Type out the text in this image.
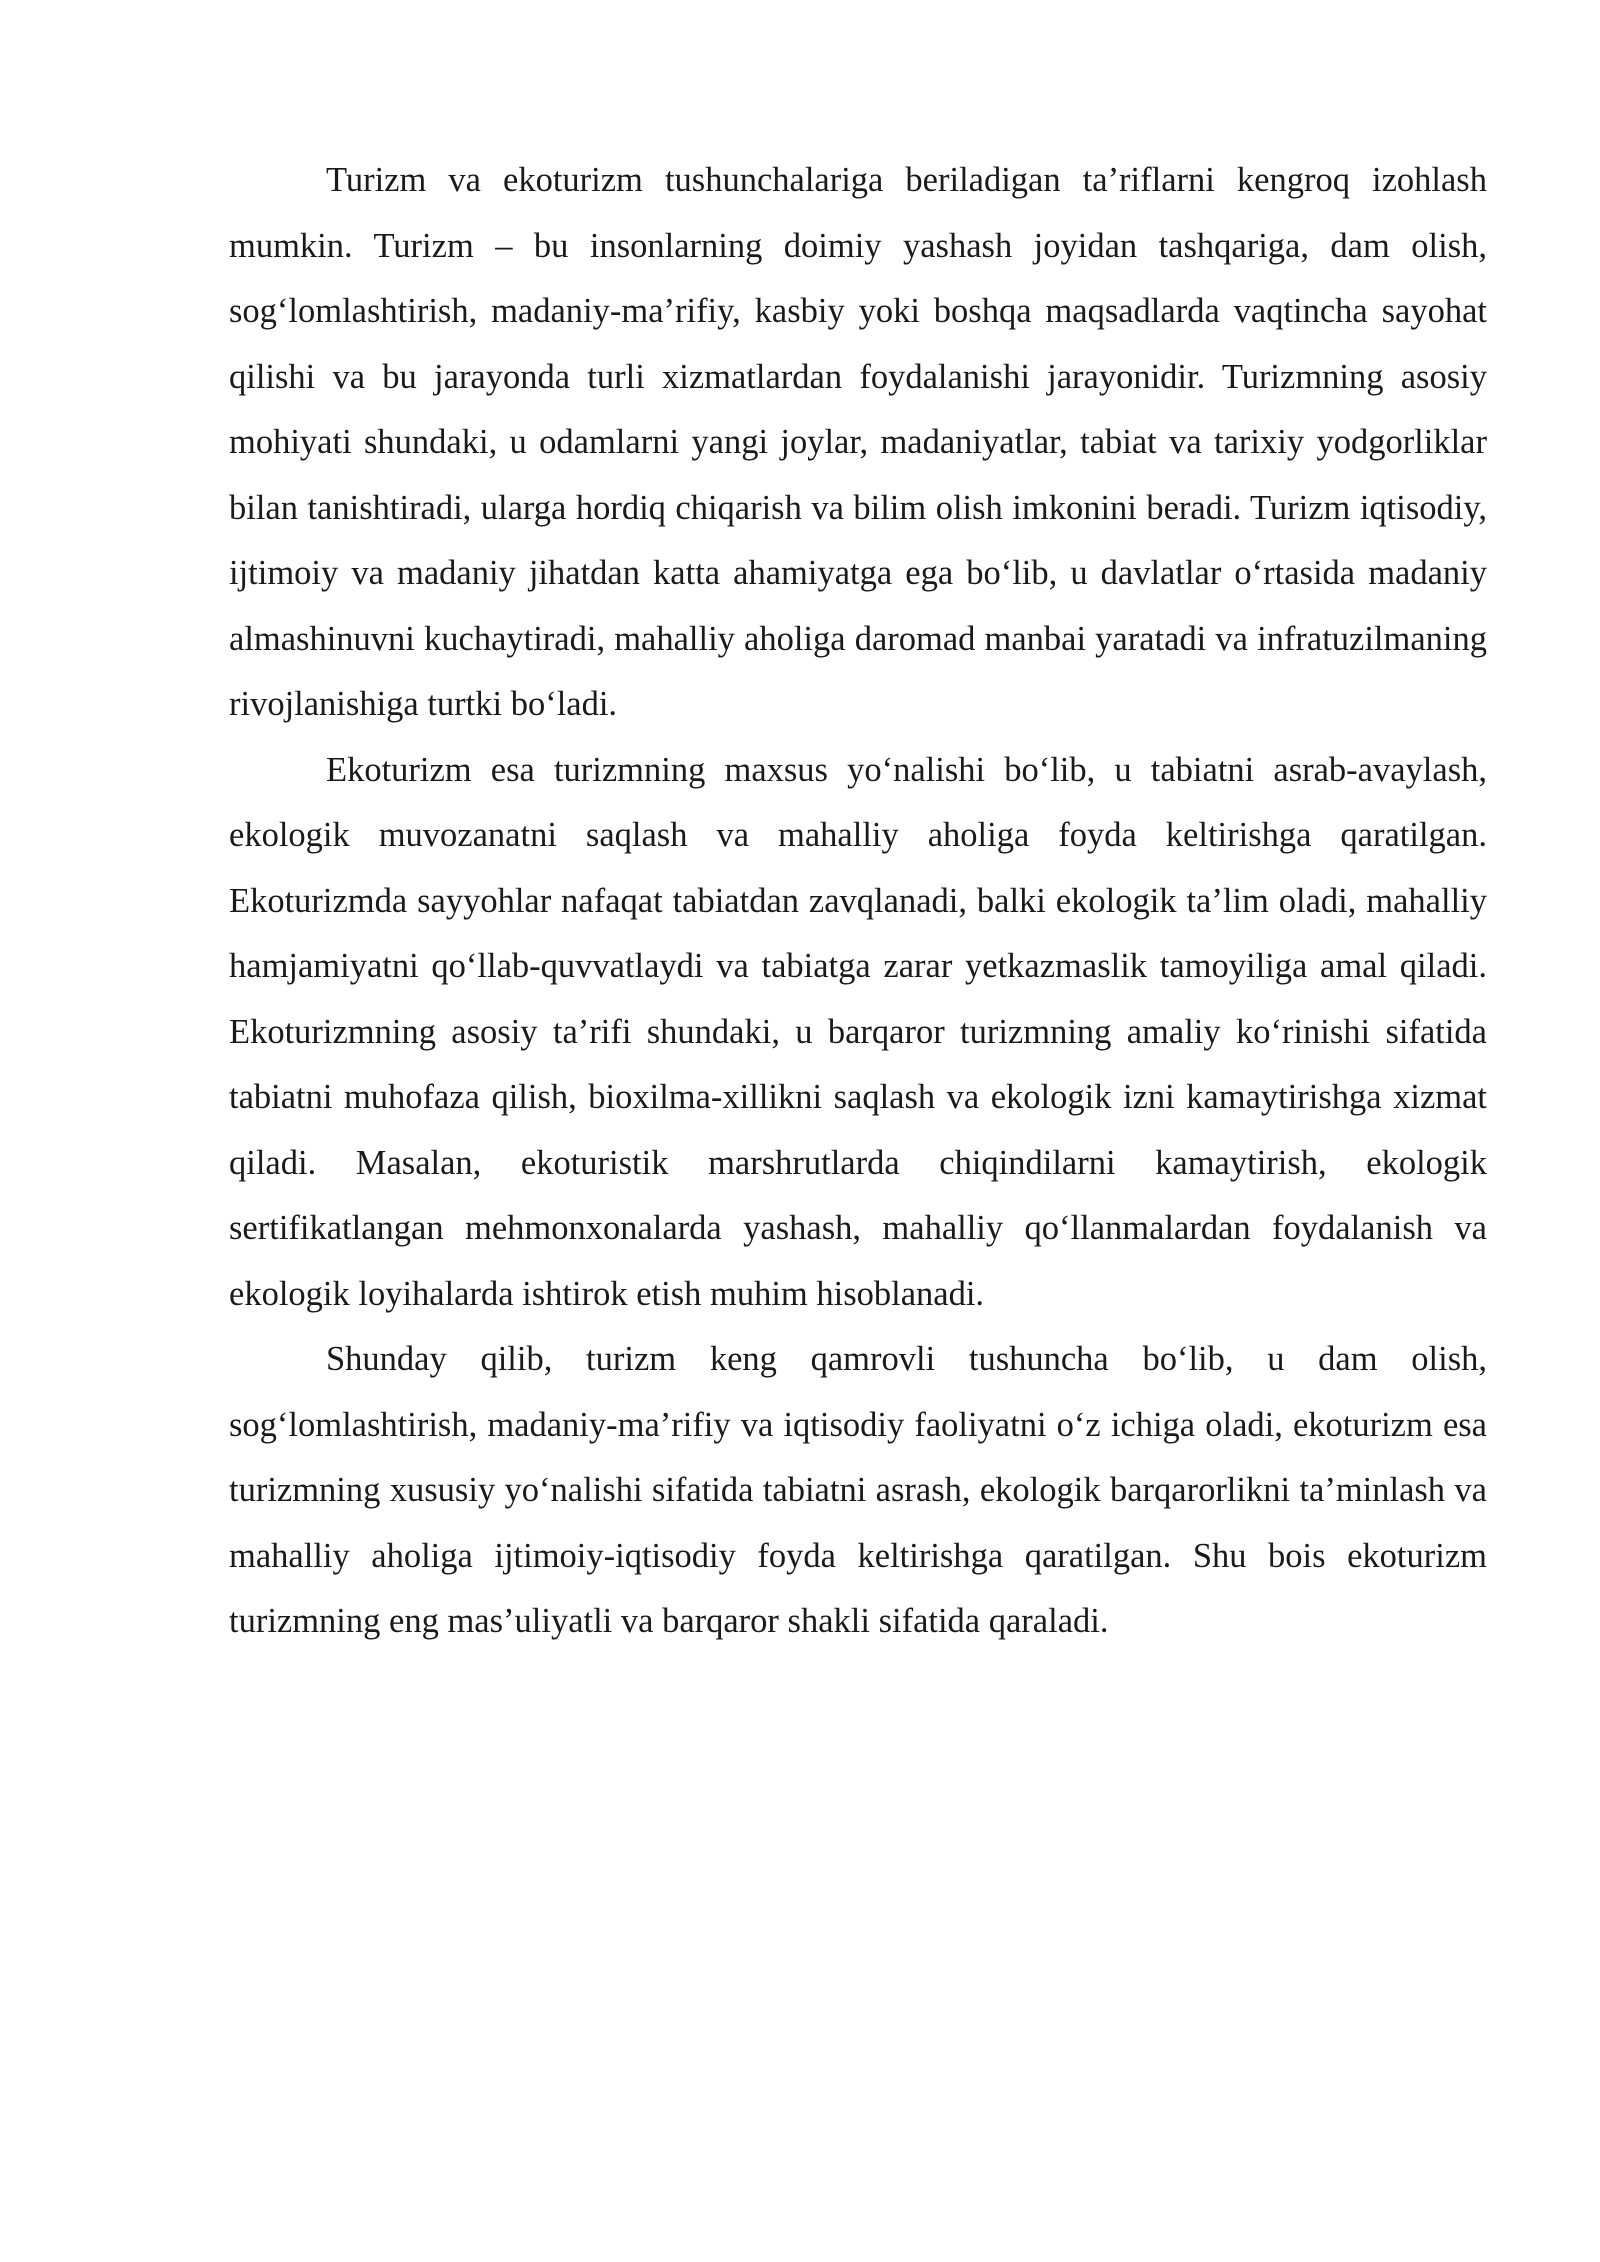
Turizm va ekoturizm tushunchalariga beriladigan ta’riflarni kengroq izohlash mumkin. Turizm – bu insonlarning doimiy yashash joyidan tashqariga, dam olish, sog‘lomlashtirish, madaniy-ma’rifiy, kasbiy yoki boshqa maqsadlarda vaqtincha sayohat qilishi va bu jarayonda turli xizmatlardan foydalanishi jarayonidir. Turizmning asosiy mohiyati shundaki, u odamlarni yangi joylar, madaniyatlar, tabiat va tarixiy yodgorliklar bilan tanishtiradi, ularga hordiq chiqarish va bilim olish imkonini beradi. Turizm iqtisodiy, ijtimoiy va madaniy jihatdan katta ahamiyatga ega bo‘lib, u davlatlar o‘rtasida madaniy almashinuvni kuchaytiradi, mahalliy aholiga daromad manbai yaratadi va infratuzilmaning rivojlanishiga turtki bo‘ladi.

Ekoturizm esa turizmning maxsus yo‘nalishi bo‘lib, u tabiatni asrab-avaylash, ekologik muvozanatni saqlash va mahalliy aholiga foyda keltirishga qaratilgan. Ekoturizmda sayyohlar nafaqat tabiatdan zavqlanadi, balki ekologik ta’lim oladi, mahalliy hamjamiyatni qo‘llab-quvvatlaydi va tabiatga zarar yetkazmaslik tamoyiliga amal qiladi. Ekoturizmning asosiy ta’rifi shundaki, u barqaror turizmning amaliy ko‘rinishi sifatida tabiatni muhofaza qilish, bioxilma-xillikni saqlash va ekologik izni kamaytirishga xizmat qiladi. Masalan, ekoturistik marshrutlarda chiqindilarni kamaytirish, ekologik sertifikatlangan mehmonxonalarda yashash, mahalliy qo‘llanmalardan foydalanish va ekologik loyihalarda ishtirok etish muhim hisoblanadi.

Shunday qilib, turizm keng qamrovli tushuncha bo‘lib, u dam olish, sog‘lomlashtirish, madaniy-ma’rifiy va iqtisodiy faoliyatni o‘z ichiga oladi, ekoturizm esa turizmning xususiy yo‘nalishi sifatida tabiatni asrash, ekologik barqarorlikni ta’minlash va mahalliy aholiga ijtimoiy-iqtisodiy foyda keltirishga qaratilgan. Shu bois ekoturizm turizmning eng mas’uliyatli va barqaror shakli sifatida qaraladi.
